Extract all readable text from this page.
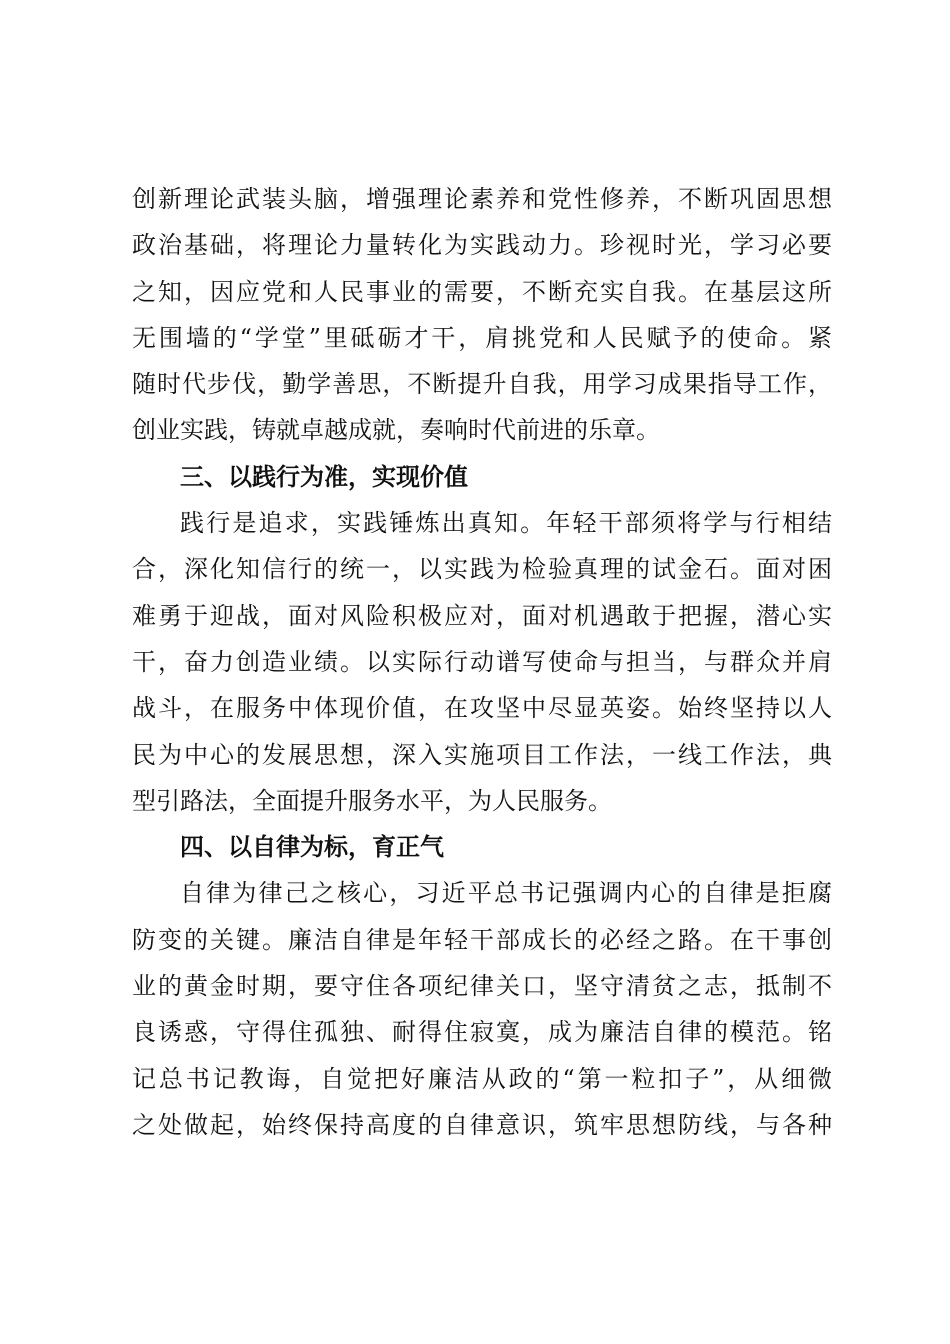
创新理论武装头脑，增强理论素养和党性修养，不断巩固思想
政治基础，将理论力量转化为实践动力。珍视时光，学习必要
之知，因应党和人民事业的需要，不断充实自我。在基层这所
无围墙的“学堂”里砥砺才干，肩挑党和人民赋予的使命。紧
随时代步伐，勤学善思，不断提升自我，用学习成果指导工作，
创业实践，铸就卓越成就，奏响时代前进的乐章。
三、以践行为准，实现价值
践行是追求，实践锤炼出真知。年轻干部须将学与行相结
合，深化知信行的统一，以实践为检验真理的试金石。面对困
难勇于迎战，面对风险积极应对，面对机遇敢于把握，潜心实
干，奋力创造业绩。以实际行动谱写使命与担当，与群众并肩
战斗，在服务中体现价值，在攻坚中尽显英姿。始终坚持以人
民为中心的发展思想，深入实施项目工作法，一线工作法，典
型引路法，全面提升服务水平，为人民服务。
四、以自律为标，育正气
自律为律己之核心，习近平总书记强调内心的自律是拒腐
防变的关键。廉洁自律是年轻干部成长的必经之路。在干事创
业的黄金时期，要守住各项纪律关口，坚守清贫之志，抵制不
良诱惑，守得住孤独、耐得住寂寞，成为廉洁自律的模范。铭
记总书记教诲，自觉把好廉洁从政的“第一粒扣子”，从细微
之处做起，始终保持高度的自律意识，筑牢思想防线，与各种
